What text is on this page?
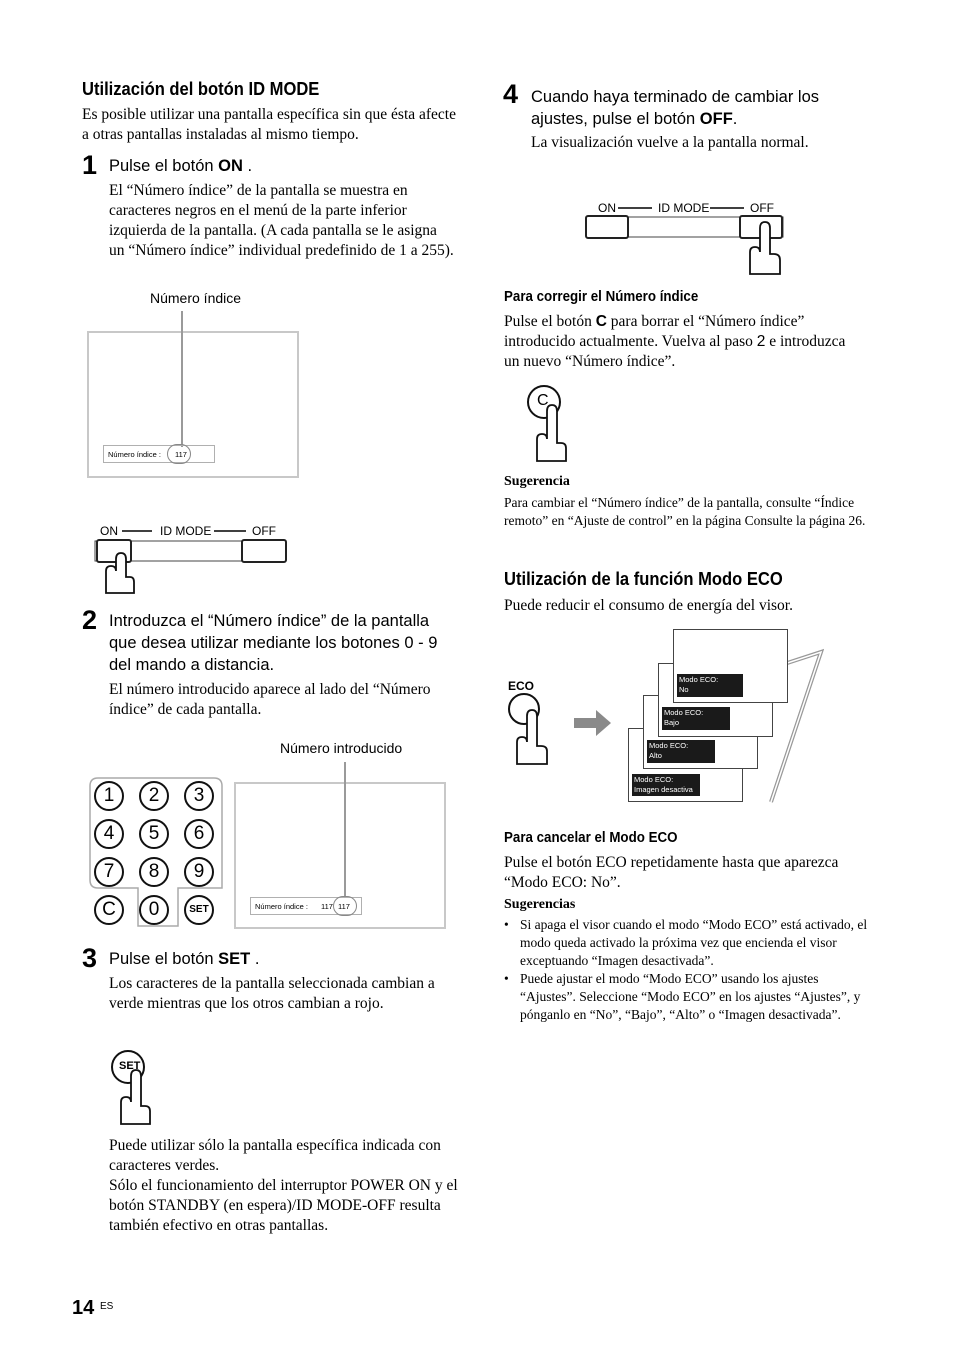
Utilización del botón ID MODE
Es posible utilizar una pantalla específica sin que ésta afecte a otras pantallas instaladas al mismo tiempo.
1 Pulse el botón ON .
El “Número índice” de la pantalla se muestra en caracteres negros en el menú de la parte inferior izquierda de la pantalla. (A cada pantalla se le asigna un “Número índice” individual predefinido de 1 a 255).
Número índice
Número índice : 117
ON	ID MODE	OFF
2 Introduzca el “Número índice” de la pantalla que desea utilizar mediante los botones 0 - 9 del mando a distancia.
El número introducido aparece al lado del “Número índice” de cada pantalla.
Número introducido
1	2	3
4	5	6
7	8	9
C	0	SET	Número índice : 117 117
3 Pulse el botón SET .
Los caracteres de la pantalla seleccionada cambian a verde mientras que los otros cambian a rojo.
SET
Puede utilizar sólo la pantalla específica indicada con caracteres verdes.
Sólo el funcionamiento del interruptor POWER ON y el botón STANDBY (en espera)/ID MODE-OFF resulta también efectivo en otras pantallas.
14 ES
4 Cuando haya terminado de cambiar los ajustes, pulse el botón OFF.
La visualización vuelve a la pantalla normal.
ON	ID MODE	OFF
Para corregir el Número índice
Pulse el botón C para borrar el “Número índice” introducido actualmente. Vuelva al paso 2 e introduzca un nuevo “Número índice”.
C
Sugerencia
Para cambiar el “Número índice” de la pantalla, consulte “Índice remoto” en “Ajuste de control” en la página Consulte la página 26.
Utilización de la función Modo ECO
Puede reducir el consumo de energía del visor.
ECO	Modo ECO:
No
Modo ECO:
Bajo
Modo ECO:
Alto
Modo ECO:
Imagen desactiva
Para cancelar el Modo ECO
Pulse el botón ECO repetidamente hasta que aparezca “Modo ECO: No”.
Sugerencias
• Si apaga el visor cuando el modo “Modo ECO” está activado, el modo queda activado la próxima vez que encienda el visor exceptuando “Imagen desactivada”.
• Puede ajustar el modo “Modo ECO” usando los ajustes “Ajustes”. Seleccione “Modo ECO” en los ajustes “Ajustes”, y pónganlo en “No”, “Bajo”, “Alto” o “Imagen desactivada”.
